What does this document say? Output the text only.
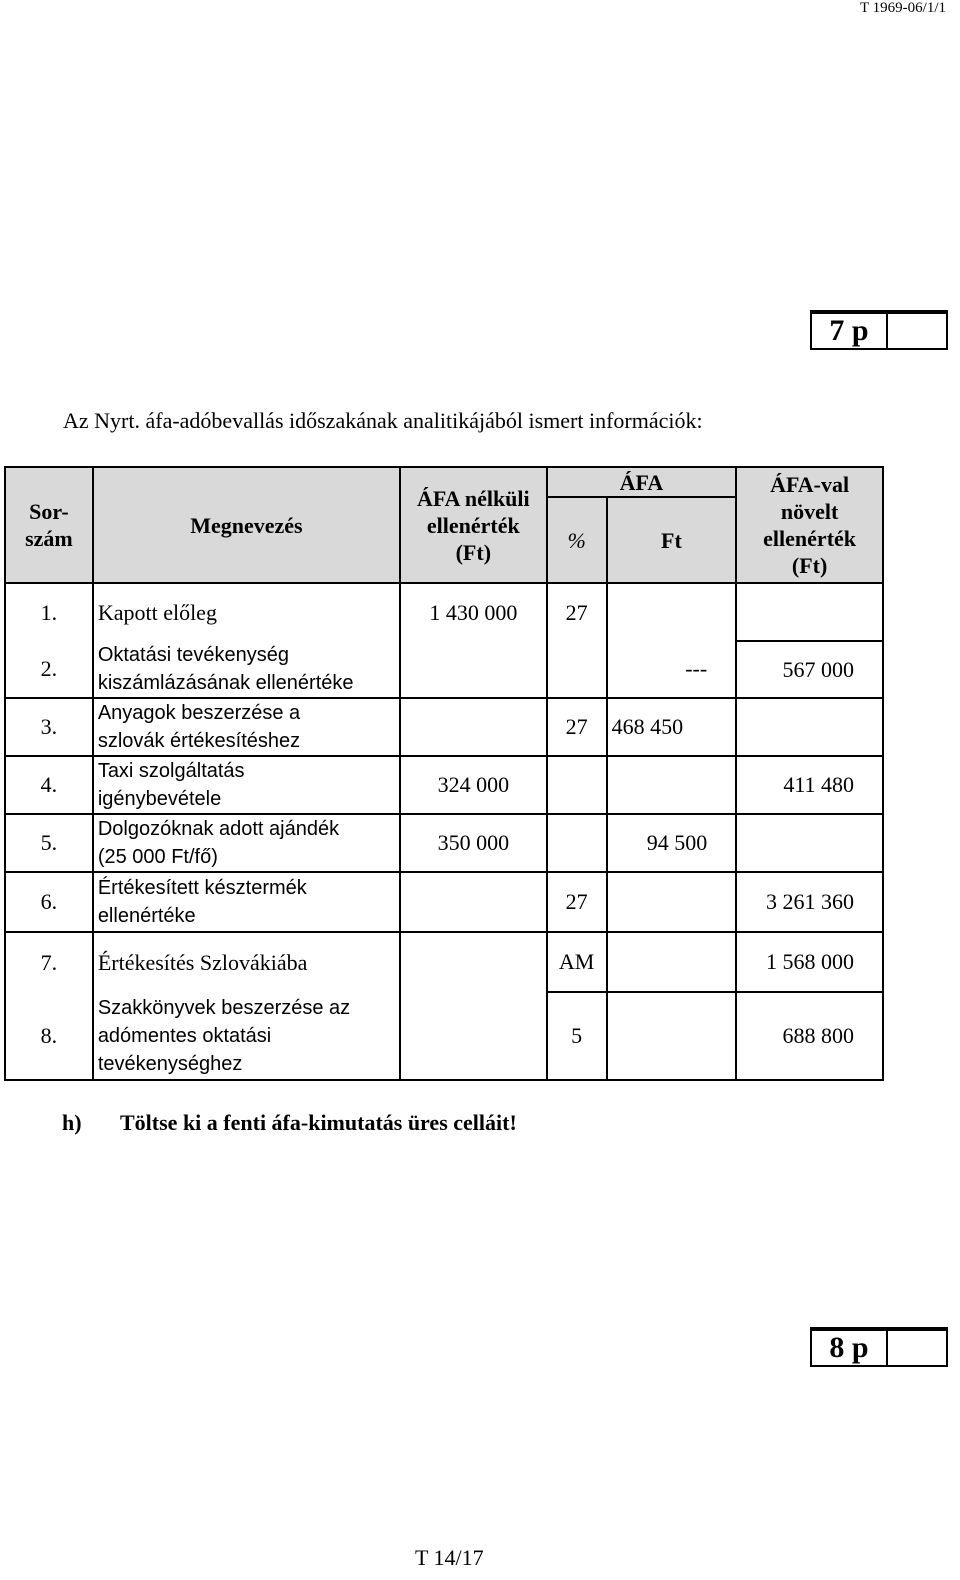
T 1969-06/1/1
7 p
Az Nyrt. áfa-adóbevallás időszakának analitikájából ismert információk:
Sor-
szám	Megnevezés	ÁFA nélküli
ellenérték
(Ft)	ÁFA		ÁFA-val
növelt
ellenérték
(Ft)
			%	Ft	
1.	Kapott előleg	1 430 000	27		
2.	Oktatási tevékenység
kiszámlázásának ellenértéke			---	567 000
3.	Anyagok beszerzése a
szlovák értékesítéshez		27	468 450	
4.	Taxi szolgáltatás
igénybevétele	324 000			411 480
5.	Dolgozóknak adott ajándék
(25 000 Ft/fő)	350 000		94 500	
6.	Értékesített késztermék
ellenértéke		27		3 261 360
7.	Értékesítés Szlovákiába		AM		1 568 000
8.	Szakkönyvek beszerzése az
adómentes oktatási
tevékenységhez		5		688 800
h) Töltse ki a fenti áfa-kimutatás üres celláit!
8 p
T 14/17
